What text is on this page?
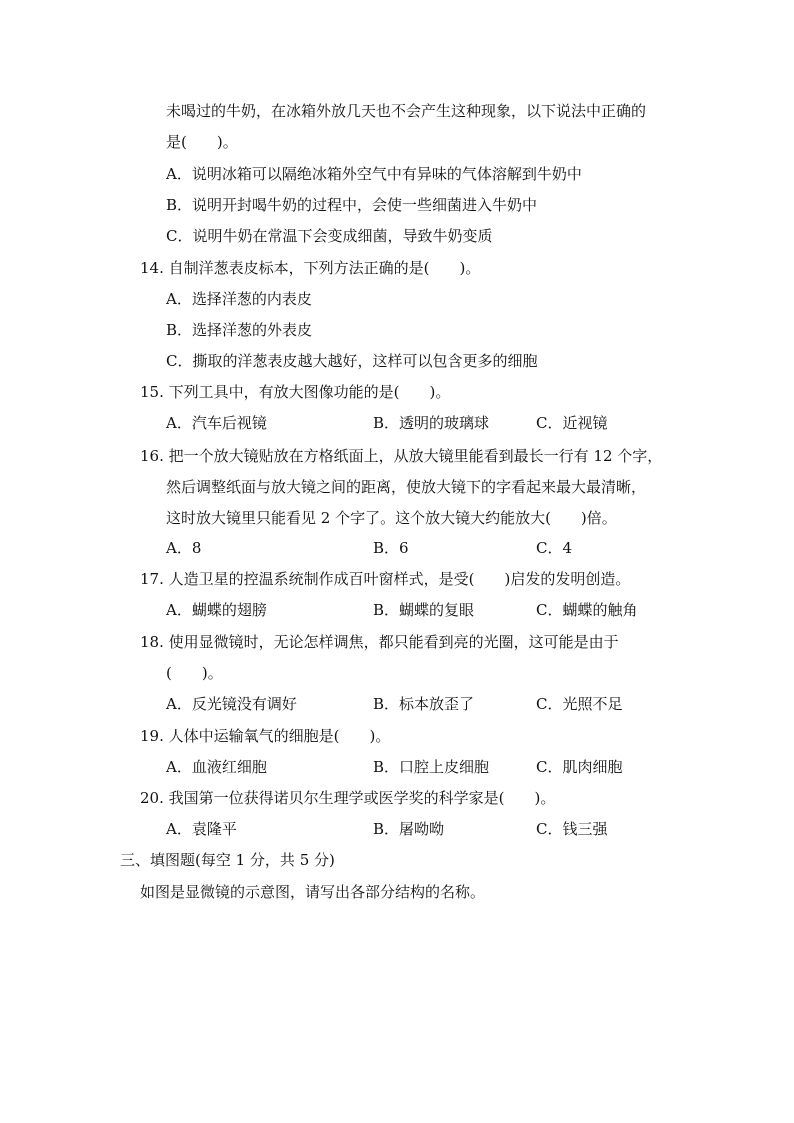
未喝过的牛奶，在冰箱外放几天也不会产生这种现象，以下说法中正确的
是(　　)。
A．说明冰箱可以隔绝冰箱外空气中有异味的气体溶解到牛奶中
B．说明开封喝牛奶的过程中，会使一些细菌进入牛奶中
C．说明牛奶在常温下会变成细菌，导致牛奶变质
14. 自制洋葱表皮标本，下列方法正确的是(　　)。
A．选择洋葱的内表皮
B．选择洋葱的外表皮
C．撕取的洋葱表皮越大越好，这样可以包含更多的细胞
15. 下列工具中，有放大图像功能的是(　　)。
A．汽车后视镜	B．透明的玻璃球	C．近视镜
16. 把一个放大镜贴放在方格纸面上，从放大镜里能看到最长一行有 12 个字，
然后调整纸面与放大镜之间的距离，使放大镜下的字看起来最大最清晰，
这时放大镜里只能看见 2 个字了。这个放大镜大约能放大(　　)倍。
A．8	B．6	C．4
17. 人造卫星的控温系统制作成百叶窗样式，是受(　　)启发的发明创造。
A．蝴蝶的翅膀	B．蝴蝶的复眼	C．蝴蝶的触角
18. 使用显微镜时，无论怎样调焦，都只能看到亮的光圈，这可能是由于
(　　)。
A．反光镜没有调好	B．标本放歪了	C．光照不足
19. 人体中运输氧气的细胞是(　　)。
A．血液红细胞	B．口腔上皮细胞	C．肌肉细胞
20. 我国第一位获得诺贝尔生理学或医学奖的科学家是(　　)。
A．袁隆平	B．屠呦呦	C．钱三强
三、填图题(每空 1 分，共 5 分)
如图是显微镜的示意图，请写出各部分结构的名称。
